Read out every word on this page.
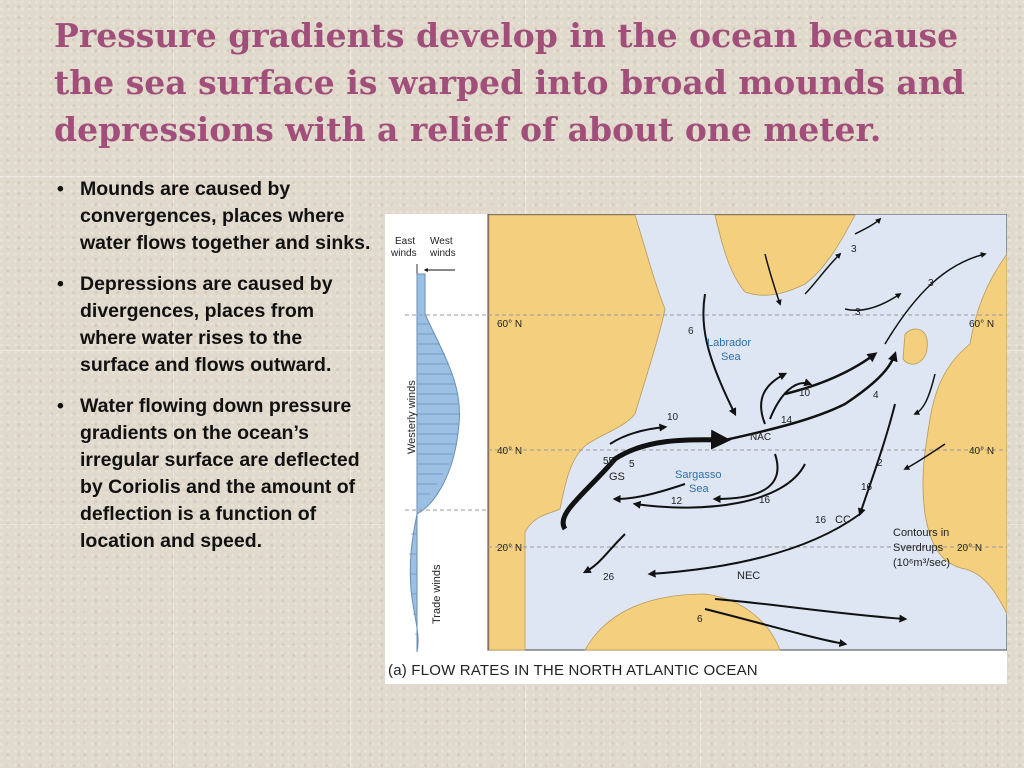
Pressure gradients develop in the ocean because the sea surface is warped into broad mounds and depressions with a relief of about one meter.
• Mounds are caused by convergences, places where water flows together and sinks.
• Depressions are caused by divergences, places from where water rises to the surface and flows outward.
• Water flowing down pressure gradients on the ocean’s irregular surface are deflected by Coriolis and the amount of deflection is a function of location and speed.
East
winds
West
winds
Westerly winds
Trade winds
60° N
40° N
20° N
60° N
40° N
20° N
Labrador
Sea
Sargasso
Sea
NAC
GS
CC
NEC
3
3
3
6
10
14
4
10
55 5	2
16
12	16
16
26
6
Contours in
Sverdrups
(10⁶m³/sec)
(a) FLOW RATES IN THE NORTH ATLANTIC OCEAN
